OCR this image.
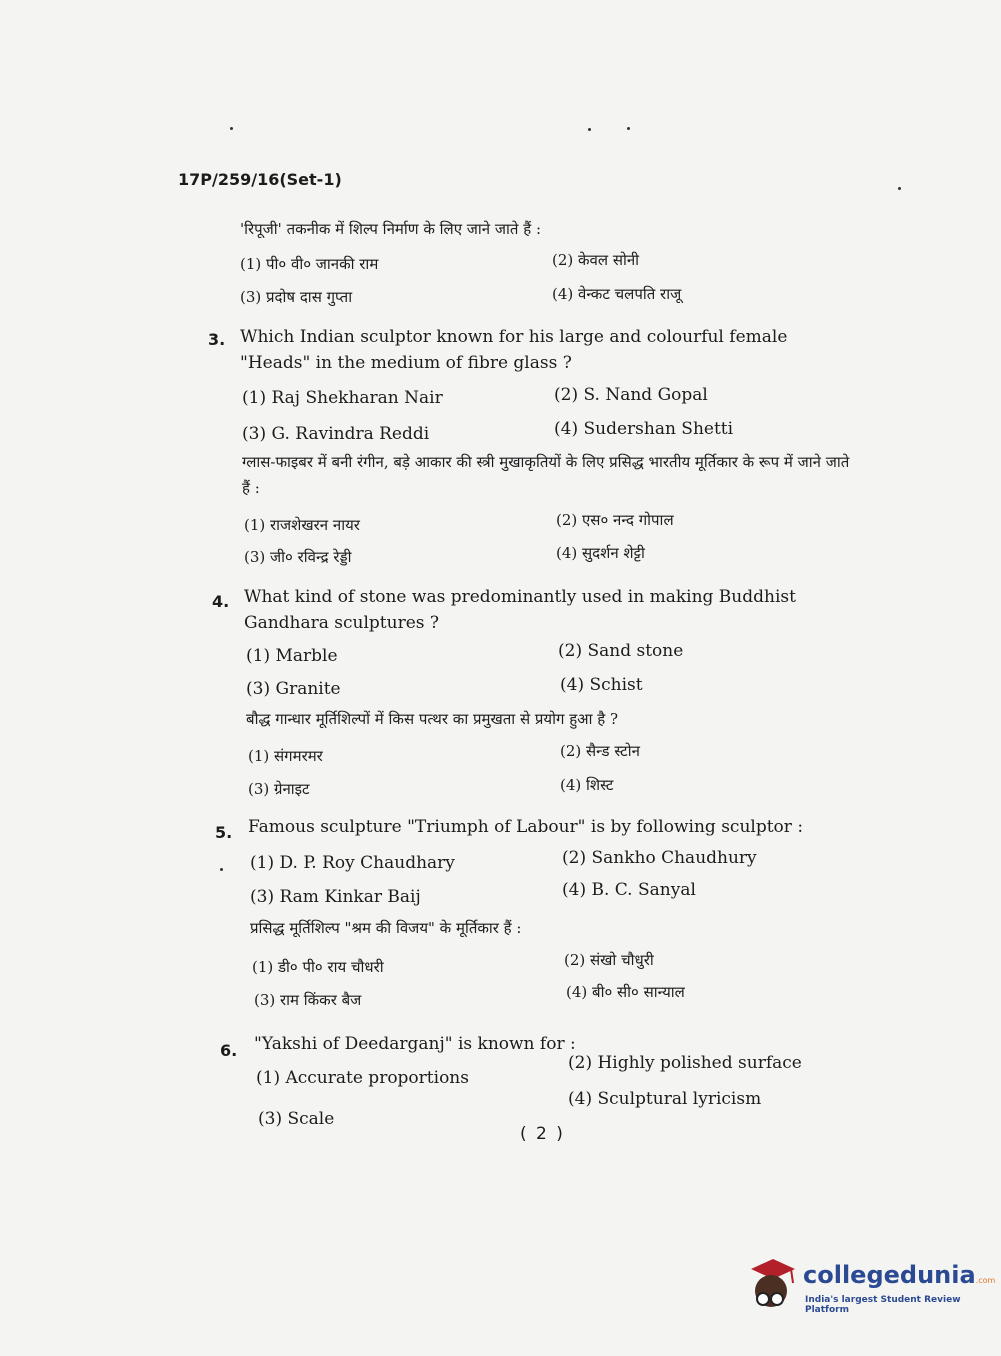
17P/259/16(Set-1)
'रिपूजी' तकनीक में शिल्प निर्माण के लिए जाने जाते हैं :
(1) पी० वी० जानकी राम	(2) केवल सोनी
(3) प्रदोष दास गुप्ता	(4) वेन्कट चलपति राजू
3. Which Indian sculptor known for his large and colourful female "Heads" in the medium of fibre glass ?
(1) Raj Shekharan Nair	(2) S. Nand Gopal
(3) G. Ravindra Reddi	(4) Sudershan Shetti
ग्लास-फाइबर में बनी रंगीन, बड़े आकार की स्त्री मुखाकृतियों के लिए प्रसिद्ध भारतीय मूर्तिकार के रूप में जाने जाते हैं :
(1) राजशेखरन नायर	(2) एस० नन्द गोपाल
(3) जी० रविन्द्र रेड्डी	(4) सुदर्शन शेट्टी
4. What kind of stone was predominantly used in making Buddhist Gandhara sculptures ?
(1) Marble	(2) Sand stone
(3) Granite	(4) Schist
बौद्ध गान्धार मूर्तिशिल्पों में किस पत्थर का प्रमुखता से प्रयोग हुआ है ?
(1) संगमरमर	(2) सैन्ड स्टोन
(3) ग्रेनाइट	(4) शिस्ट
5. Famous sculpture "Triumph of Labour" is by following sculptor :
(1) D. P. Roy Chaudhary	(2) Sankho Chaudhury
(3) Ram Kinkar Baij	(4) B. C. Sanyal
प्रसिद्ध मूर्तिशिल्प "श्रम की विजय" के मूर्तिकार हैं :
(1) डी० पी० राय चौधरी	(2) संखो चौधुरी
(3) राम किंकर बैज	(4) बी० सी० सान्याल
6. "Yakshi of Deedarganj" is known for :
(1) Accurate proportions
(2) Highly polished surface
(3) Scale
(4) Sculptural lyricism
( 2 )
collegedunia.com
India's largest Student Review Platform
